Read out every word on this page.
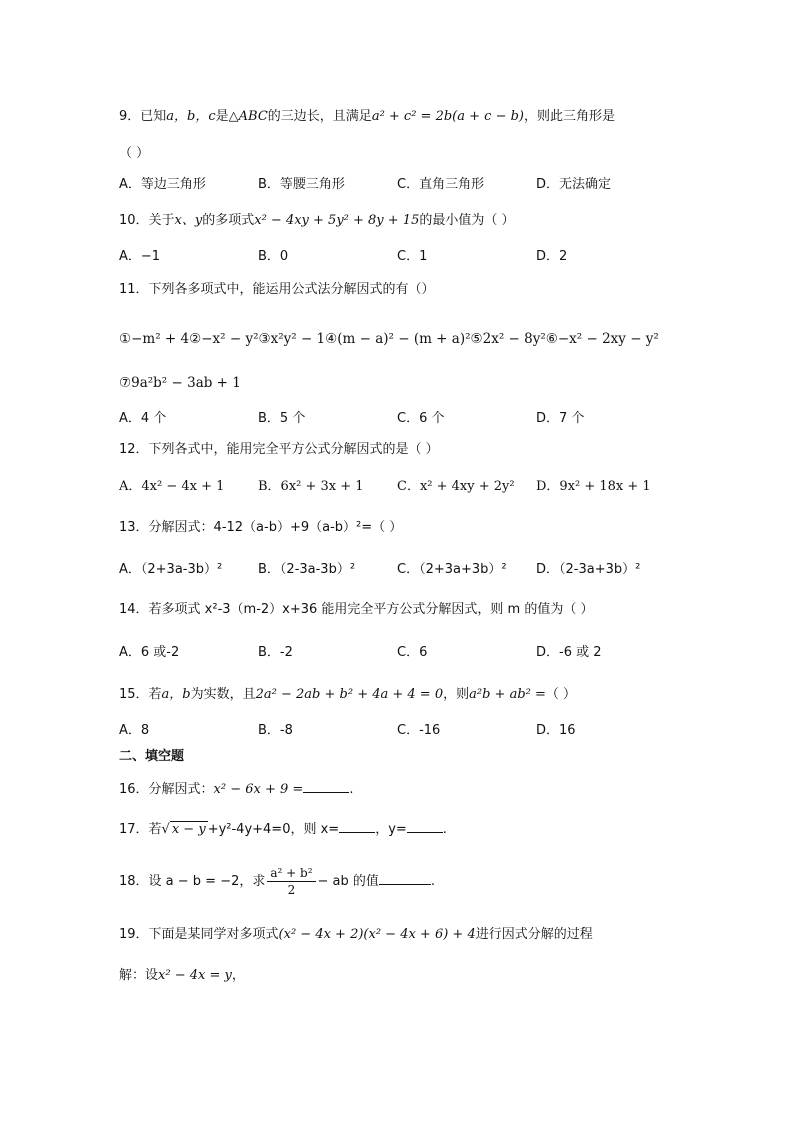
9．已知a，b，c是△ABC的三边长，且满足a² + c² = 2b(a + c − b)，则此三角形是
（ ）
A．等边三角形	B．等腰三角形	C．直角三角形	D．无法确定
10．关于x、y的多项式x² − 4xy + 5y² + 8y + 15的最小值为（ ）
A．−1	B．0	C．1	D．2
11．下列各多项式中，能运用公式法分解因式的有（）
①−m² + 4②−x² − y²③x²y² − 1④(m − a)² − (m + a)²⑤2x² − 8y²⑥−x² − 2xy − y²
⑦9a²b² − 3ab + 1
A．4 个	B．5 个	C．6 个	D．7 个
12．下列各式中，能用完全平方公式分解因式的是（ ）
A．4x² − 4x + 1	B．6x² + 3x + 1	C．x² + 4xy + 2y² D．9x² + 18x + 1
13．分解因式：4-12（a-b）+9（a-b）²=（ ）
A．（2+3a-3b）²	B．（2-3a-3b）²	C．（2+3a+3b）² D．（2-3a+3b）²
14．若多项式 x²-3（m-2）x+36 能用完全平方公式分解因式，则 m 的值为（ ）
A．6 或-2	B．-2	C．6	D．-6 或 2
15．若a，b为实数，且2a² − 2ab + b² + 4a + 4 = 0，则a²b + ab² =（ ）
A．8	B．-8	C．-16	D．16
二、填空题
16．分解因式：x² − 6x + 9 =	.
17．若√ x − y +y²-4y+4=0，则 x=	，y=	.
18．设 a − b = −2，求 $\frac{\text{a² + b²}}{2}$ − ab 的值	.
19．下面是某同学对多项式(x² − 4x + 2)(x² − 4x + 6) + 4进行因式分解的过程
解：设x² − 4x = y，
